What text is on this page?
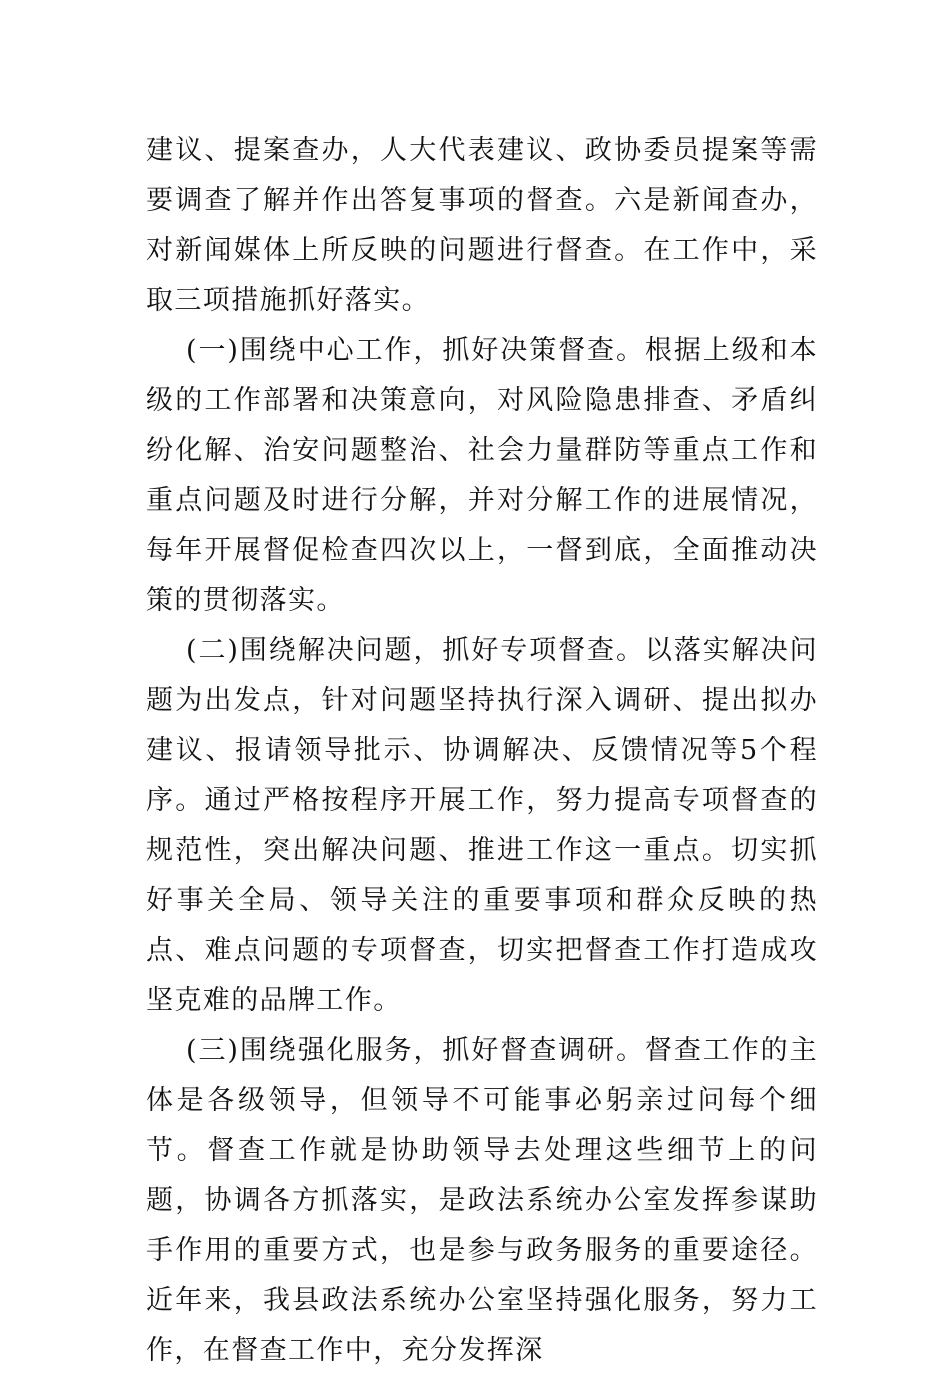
建议、提案查办，人大代表建议、政协委员提案等需要调查了解并作出答复事项的督查。六是新闻查办，对新闻媒体上所反映的问题进行督查。在工作中，采取三项措施抓好落实。

(一)围绕中心工作，抓好决策督查。根据上级和本级的工作部署和决策意向，对风险隐患排查、矛盾纠纷化解、治安问题整治、社会力量群防等重点工作和重点问题及时进行分解，并对分解工作的进展情况，每年开展督促检查四次以上，一督到底，全面推动决策的贯彻落实。

(二)围绕解决问题，抓好专项督查。以落实解决问题为出发点，针对问题坚持执行深入调研、提出拟办建议、报请领导批示、协调解决、反馈情况等5个程序。通过严格按程序开展工作，努力提高专项督查的规范性，突出解决问题、推进工作这一重点。切实抓好事关全局、领导关注的重要事项和群众反映的热点、难点问题的专项督查，切实把督查工作打造成攻坚克难的品牌工作。

(三)围绕强化服务，抓好督查调研。督查工作的主体是各级领导，但领导不可能事必躬亲过问每个细节。督查工作就是协助领导去处理这些细节上的问题，协调各方抓落实，是政法系统办公室发挥参谋助手作用的重要方式，也是参与政务服务的重要途径。近年来，我县政法系统办公室坚持强化服务，努力工作，在督查工作中，充分发挥深
